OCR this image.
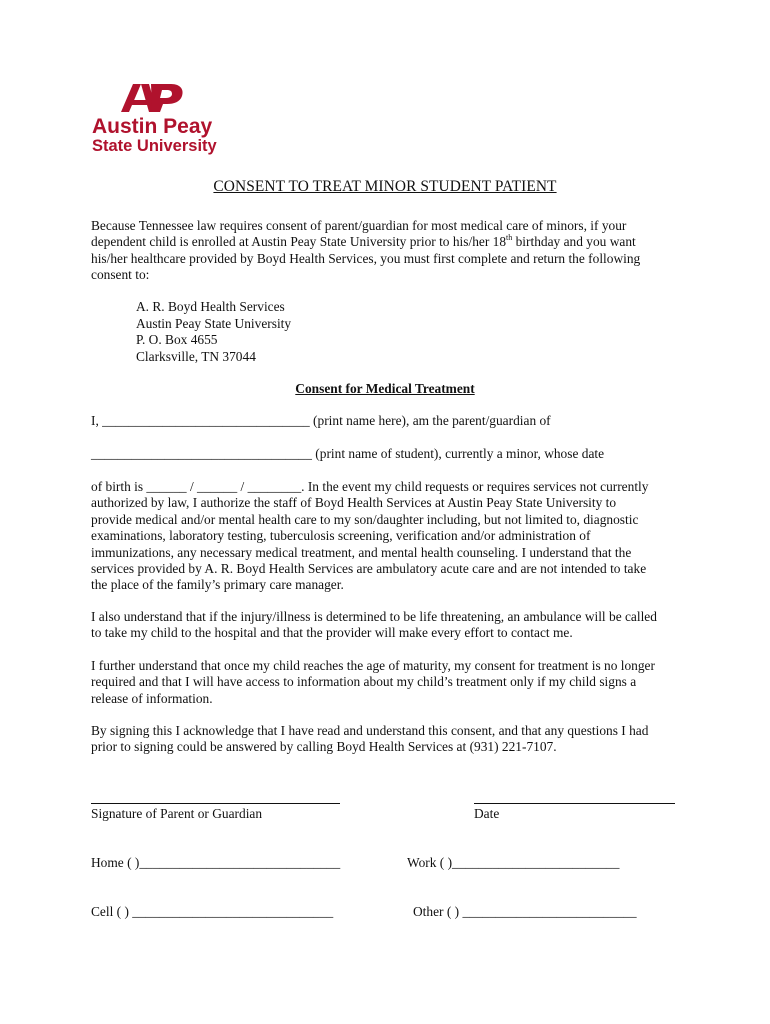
Austin Peay
State University
CONSENT TO TREAT MINOR STUDENT PATIENT
Because Tennessee law requires consent of parent/guardian for most medical care of minors, if your
dependent child is enrolled at Austin Peay State University prior to his/her 18th birthday and you want
his/her healthcare provided by Boyd Health Services, you must first complete and return the following
consent to:
A. R. Boyd Health Services
Austin Peay State University
P. O. Box 4655
Clarksville, TN 37044
Consent for Medical Treatment
I, _______________________________ (print name here), am the parent/guardian of
_________________________________ (print name of student), currently a minor, whose date
of birth is ______ / ______ / ________. In the event my child requests or requires services not currently
authorized by law, I authorize the staff of Boyd Health Services at Austin Peay State University to
provide medical and/or mental health care to my son/daughter including, but not limited to, diagnostic
examinations, laboratory testing, tuberculosis screening, verification and/or administration of
immunizations, any necessary medical treatment, and mental health counseling. I understand that the
services provided by A. R. Boyd Health Services are ambulatory acute care and are not intended to take
the place of the family’s primary care manager.
I also understand that if the injury/illness is determined to be life threatening, an ambulance will be called
to take my child to the hospital and that the provider will make every effort to contact me.
I further understand that once my child reaches the age of maturity, my consent for treatment is no longer
required and that I will have access to information about my child’s treatment only if my child signs a
release of information.
By signing this I acknowledge that I have read and understand this consent, and that any questions I had
prior to signing could be answered by calling Boyd Health Services at (931) 221-7107.
Signature of Parent or Guardian	Date
Home ( )______________________________	Work ( )_________________________
Cell ( ) ______________________________	Other ( ) __________________________
